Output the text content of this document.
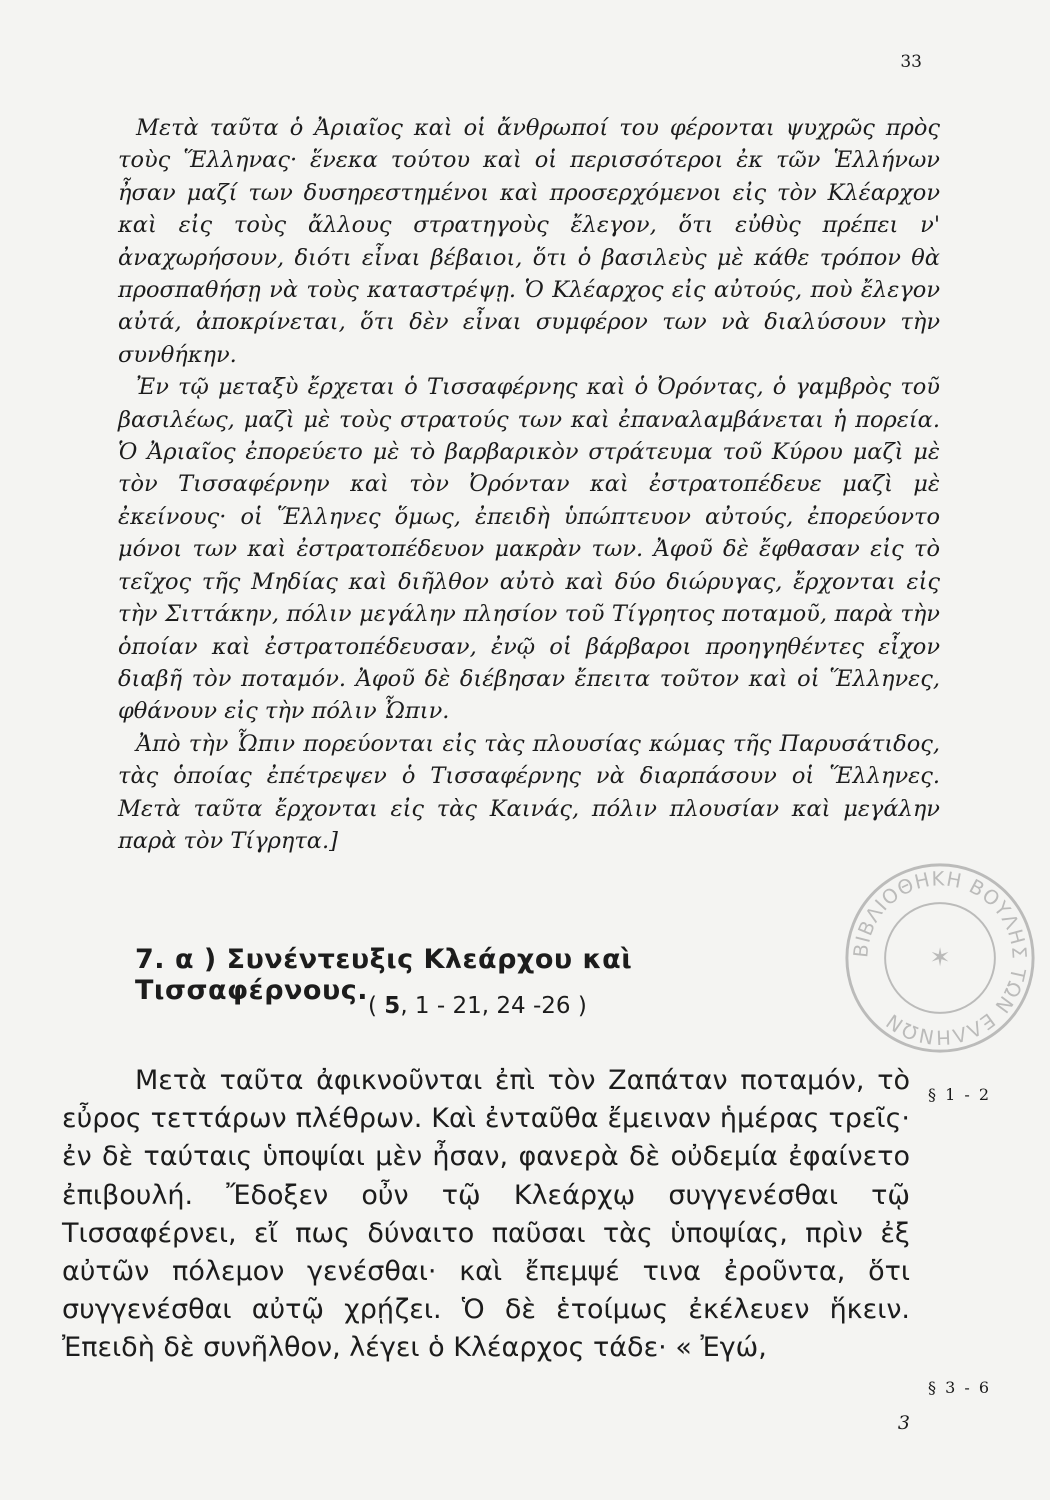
33

Μετὰ ταῦτα ὁ Ἀριαῖος καὶ οἱ ἄνθρωποί του φέρονται ψυχρῶς πρὸς τοὺς Ἕλληνας· ἕνεκα τούτου καὶ οἱ περισσότεροι ἐκ τῶν Ἑλλήνων ἦσαν μαζί των δυσηρεστημένοι καὶ προσερχόμενοι εἰς τὸν Κλέαρχον καὶ εἰς τοὺς ἄλλους στρατηγοὺς ἔλεγον, ὅτι εὐθὺς πρέπει ν' ἀναχωρήσουν, διότι εἶναι βέβαιοι, ὅτι ὁ βασιλεὺς μὲ κάθε τρόπον θὰ προσπαθήσῃ νὰ τοὺς καταστρέψῃ. Ὁ Κλέαρχος εἰς αὐτούς, ποὺ ἔλεγον αὐτά, ἀποκρίνεται, ὅτι δὲν εἶναι συμφέρον των νὰ διαλύσουν τὴν συνθήκην.

Ἐν τῷ μεταξὺ ἔρχεται ὁ Τισσαφέρνης καὶ ὁ Ὀρόντας, ὁ γαμβρὸς τοῦ βασιλέως, μαζὶ μὲ τοὺς στρατούς των καὶ ἐπαναλαμβάνεται ἡ πορεία. Ὁ Ἀριαῖος ἐπορεύετο μὲ τὸ βαρβαρικὸν στράτευμα τοῦ Κύρου μαζὶ μὲ τὸν Τισσαφέρνην καὶ τὸν Ὀρόνταν καὶ ἐστρατοπέδευε μαζὶ μὲ ἐκείνους· οἱ Ἕλληνες ὅμως, ἐπειδὴ ὑπώπτευον αὐτούς, ἐπορεύοντο μόνοι των καὶ ἐστρατοπέδευον μακρὰν των. Ἀφοῦ δὲ ἔφθασαν εἰς τὸ τεῖχος τῆς Μηδίας καὶ διῆλθον αὐτὸ καὶ δύο διώρυγας, ἔρχονται εἰς τὴν Σιττάκην, πόλιν μεγάλην πλησίον τοῦ Τίγρητος ποταμοῦ, παρὰ τὴν ὁποίαν καὶ ἐστρατοπέδευσαν, ἐνῷ οἱ βάρβαροι προηγηθέντες εἶχον διαβῆ τὸν ποταμόν. Ἀφοῦ δὲ διέβησαν ἔπειτα τοῦτον καὶ οἱ Ἕλληνες, φθάνουν εἰς τὴν πόλιν Ὦπιν.

Ἀπὸ τὴν Ὦπιν πορεύονται εἰς τὰς πλουσίας κώμας τῆς Παρυσάτιδος, τὰς ὁποίας ἐπέτρεψεν ὁ Τισσαφέρνης νὰ διαρπάσουν οἱ Ἕλληνες. Μετὰ ταῦτα ἔρχονται εἰς τὰς Καινάς, πόλιν πλουσίαν καὶ μεγάλην παρὰ τὸν Τίγρητα.]

7. α ) Συνέντευξις Κλεάρχου καὶ Τισσαφέρνους. ( 5, 1 - 21, 24 -26 )

Μετὰ ταῦτα ἀφικνοῦνται ἐπὶ τὸν Ζαπάταν ποταμόν, τὸ εὖρος τεττάρων πλέθρων. Καὶ ἐνταῦθα ἔμειναν ἡμέρας τρεῖς· ἐν δὲ ταύταις ὑποψίαι μὲν ἦσαν, φανερὰ δὲ οὐδεμία ἐφαίνετο ἐπιβουλή. Ἔδοξεν οὖν τῷ Κλεάρχῳ συγγενέσθαι τῷ Τισσαφέρνει, εἴ πως δύναιτο παῦσαι τὰς ὑποψίας, πρὶν ἐξ αὐτῶν πόλεμον γενέσθαι· καὶ ἔπεμψέ τινα ἐροῦντα, ὅτι συγγενέσθαι αὐτῷ χρῄζει. Ὁ δὲ ἑτοίμως ἐκέλευεν ἥκειν. Ἐπειδὴ δὲ συνῆλθον, λέγει ὁ Κλέαρχος τάδε· « Ἐγώ,

§ 1 - 2
§ 3 - 6
3
ΒΙΒΛΙΟΘΗΚΗ ΒΟΥΛΗΣ ΤΩΝ ΕΛΛΗΝΩΝ
✶
